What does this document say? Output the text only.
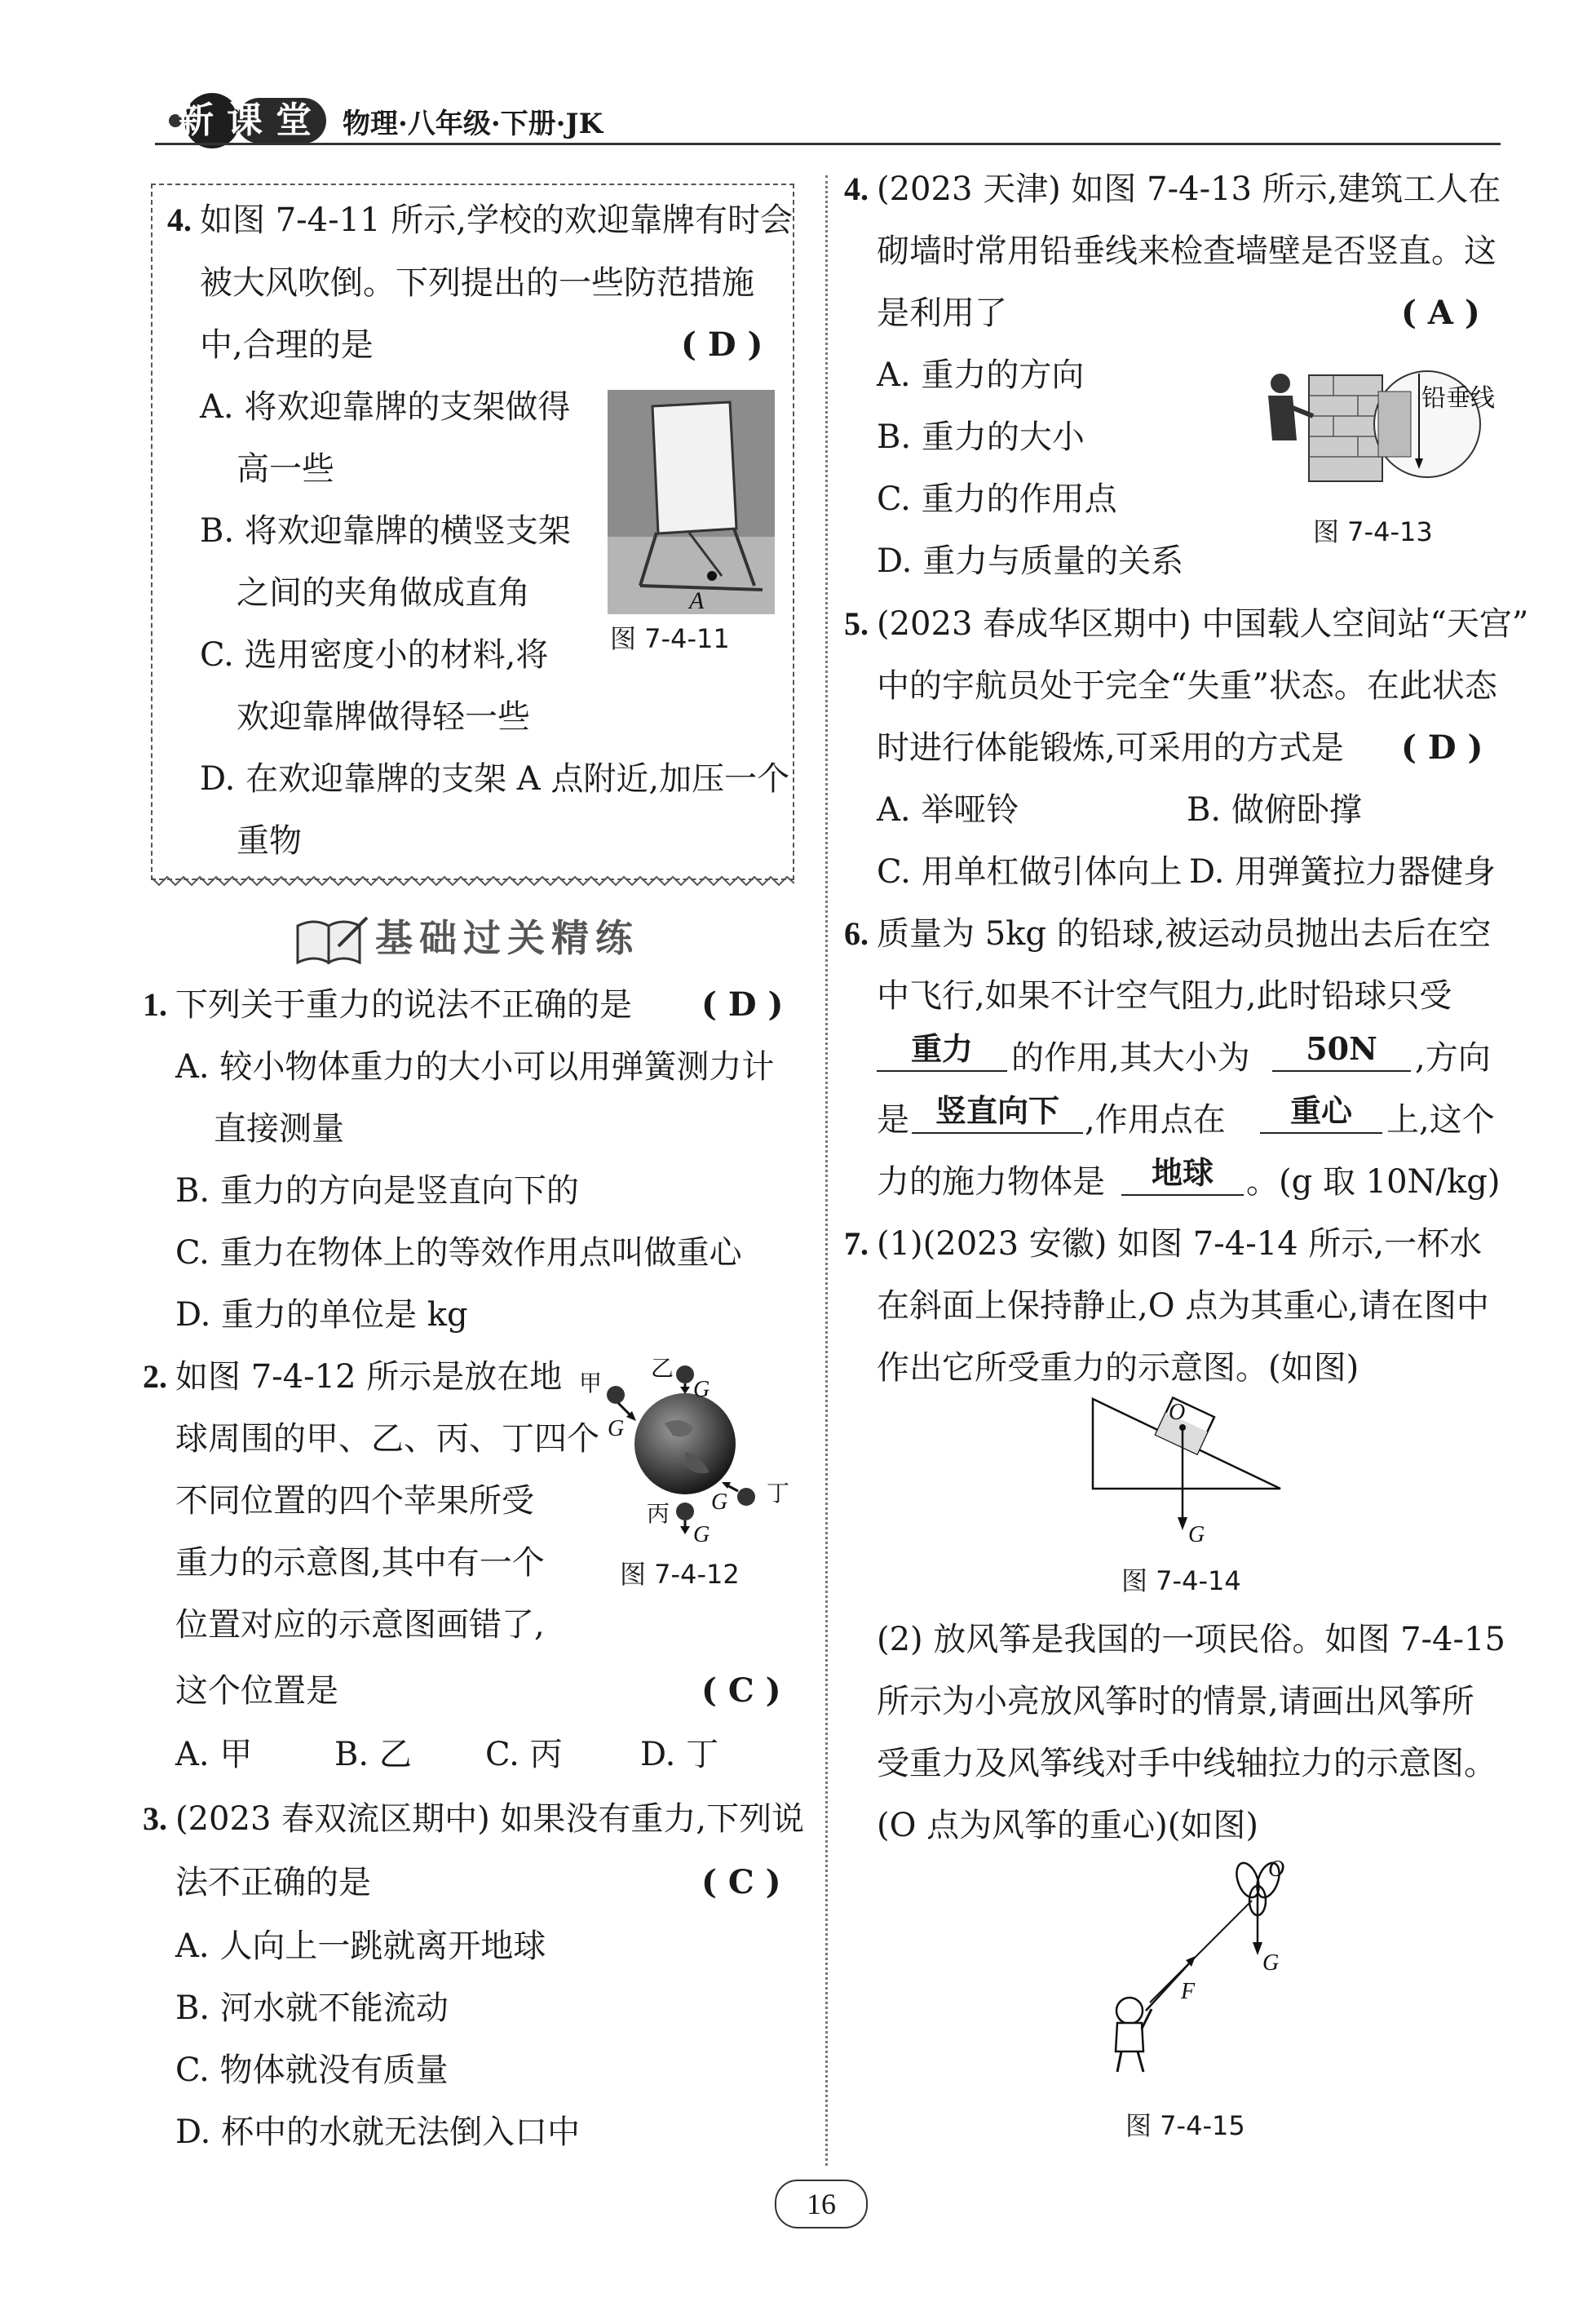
新课堂 物理·八年级·下册·JK
4. 如图 7-4-11 所示,学校的欢迎靠牌有时会
被大风吹倒。下列提出的一些防范措施
中,合理的是	( D )
A. 将欢迎靠牌的支架做得
高一些
B. 将欢迎靠牌的横竖支架
之间的夹角做成直角
C. 选用密度小的材料,将
欢迎靠牌做得轻一些
D. 在欢迎靠牌的支架 A 点附近,加压一个
重物
A
图 7-4-11
基础过关精练
1. 下列关于重力的说法不正确的是 ( D )
A. 较小物体重力的大小可以用弹簧测力计
直接测量
B. 重力的方向是竖直向下的
C. 重力在物体上的等效作用点叫做重心
D. 重力的单位是 kg
2. 如图 7-4-12 所示是放在地
球周围的甲、乙、丙、丁四个
不同位置的四个苹果所受
重力的示意图,其中有一个
位置对应的示意图画错了,
这个位置是	( C )
A. 甲	B. 乙 C. 丙 D. 丁
甲
G
乙
G
丙
G
丁
G
图 7-4-12
3. (2023 春双流区期中) 如果没有重力,下列说
法不正确的是	( C )
A. 人向上一跳就离开地球
B. 河水就不能流动
C. 物体就没有质量
D. 杯中的水就无法倒入口中
4. (2023 天津) 如图 7-4-13 所示,建筑工人在
砌墙时常用铅垂线来检查墙壁是否竖直。这
是利用了	( A )
A. 重力的方向
B. 重力的大小
C. 重力的作用点
D. 重力与质量的关系
铅垂线
图 7-4-13
5. (2023 春成华区期中) 中国载人空间站“天宫”
中的宇航员处于完全“失重”状态。在此状态
时进行体能锻炼,可采用的方式是 ( D )
A. 举哑铃	B. 做俯卧撑
C. 用单杠做引体向上 D. 用弹簧拉力器健身
6. 质量为 5kg 的铅球,被运动员抛出去后在空
中飞行,如果不计空气阻力,此时铅球只受
重力	的作用,其大小为	50N	,方向
是 竖直向下 ,作用点在	重心	上,这个
力的施力物体是	地球	。(g 取 10N/kg)
7. (1)(2023 安徽) 如图 7-4-14 所示,一杯水
在斜面上保持静止,O 点为其重心,请在图中
作出它所受重力的示意图。(如图)
O
G
图 7-4-14
(2) 放风筝是我国的一项民俗。如图 7-4-15
所示为小亮放风筝时的情景,请画出风筝所
受重力及风筝线对手中线轴拉力的示意图。
(O 点为风筝的重心)(如图)
O
G
F
图 7-4-15
16
